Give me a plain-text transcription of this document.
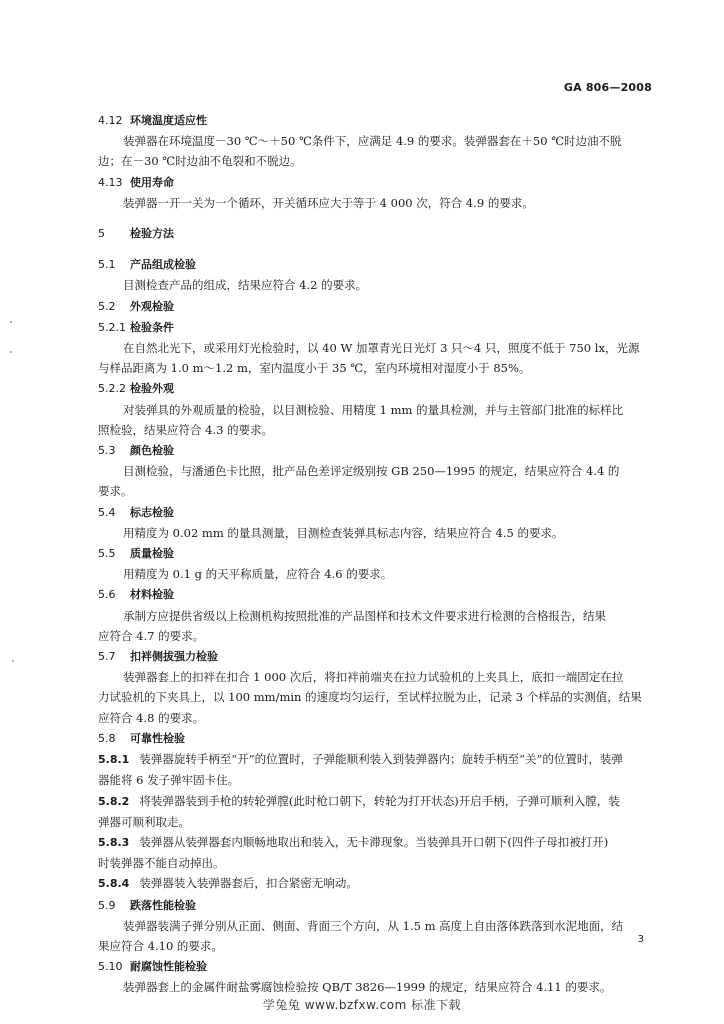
GA 806—2008
4.12 环境温度适应性
装弹器在环境温度－30 ℃～＋50 ℃条件下，应满足 4.9 的要求。装弹器套在＋50 ℃时边油不脱
边；在－30 ℃时边油不龟裂和不脱边。
4.13 使用寿命
装弹器一开一关为一个循环，开关循环应大于等于 4 000 次，符合 4.9 的要求。
5 检验方法
5.1 产品组成检验
目测检查产品的组成，结果应符合 4.2 的要求。
5.2 外观检验
5.2.1 检验条件
在自然北光下，或采用灯光检验时，以 40 W 加罩青光日光灯 3 只～4 只，照度不低于 750 lx，光源
与样品距离为 1.0 m～1.2 m，室内温度小于 35 ℃，室内环境相对湿度小于 85%。
5.2.2 检验外观
对装弹具的外观质量的检验，以目测检验、用精度 1 mm 的量具检测，并与主管部门批准的标样比
照检验，结果应符合 4.3 的要求。
5.3 颜色检验
目测检验，与潘通色卡比照，批产品色差评定级别按 GB 250—1995 的规定，结果应符合 4.4 的
要求。
5.4 标志检验
用精度为 0.02 mm 的量具测量，目测检查装弹具标志内容，结果应符合 4.5 的要求。
5.5 质量检验
用精度为 0.1 g 的天平称质量，应符合 4.6 的要求。
5.6 材料检验
承制方应提供省级以上检测机构按照批准的产品图样和技术文件要求进行检测的合格报告，结果
应符合 4.7 的要求。
5.7 扣袢侧拔强力检验
装弹器套上的扣袢在扣合 1 000 次后，将扣袢前端夹在拉力试验机的上夹具上，底扣一端固定在拉
力试验机的下夹具上，以 100 mm/min 的速度均匀运行，至试样拉脱为止，记录 3 个样品的实测值，结果
应符合 4.8 的要求。
5.8 可靠性检验
5.8.1 装弹器旋转手柄至“开”的位置时，子弹能顺利装入到装弹器内；旋转手柄至“关”的位置时，装弹
器能将 6 发子弹牢固卡住。
5.8.2 将装弹器装到手枪的转轮弹膛(此时枪口朝下，转轮为打开状态)开启手柄，子弹可顺利入膛，装
弹器可顺利取走。
5.8.3 装弹器从装弹器套内顺畅地取出和装入，无卡滞现象。当装弹具开口朝下(四件子母扣被打开)
时装弹器不能自动掉出。
5.8.4 装弹器装入装弹器套后，扣合紧密无响动。
5.9 跌落性能检验
装弹器装满子弹分别从正面、侧面、背面三个方向，从 1.5 m 高度上自由落体跌落到水泥地面，结
果应符合 4.10 的要求。
5.10 耐腐蚀性能检验
装弹器套上的金属件耐盐雾腐蚀检验按 QB/T 3826—1999 的规定，结果应符合 4.11 的要求。
3
学兔兔 www.bzfxw.com 标准下载
